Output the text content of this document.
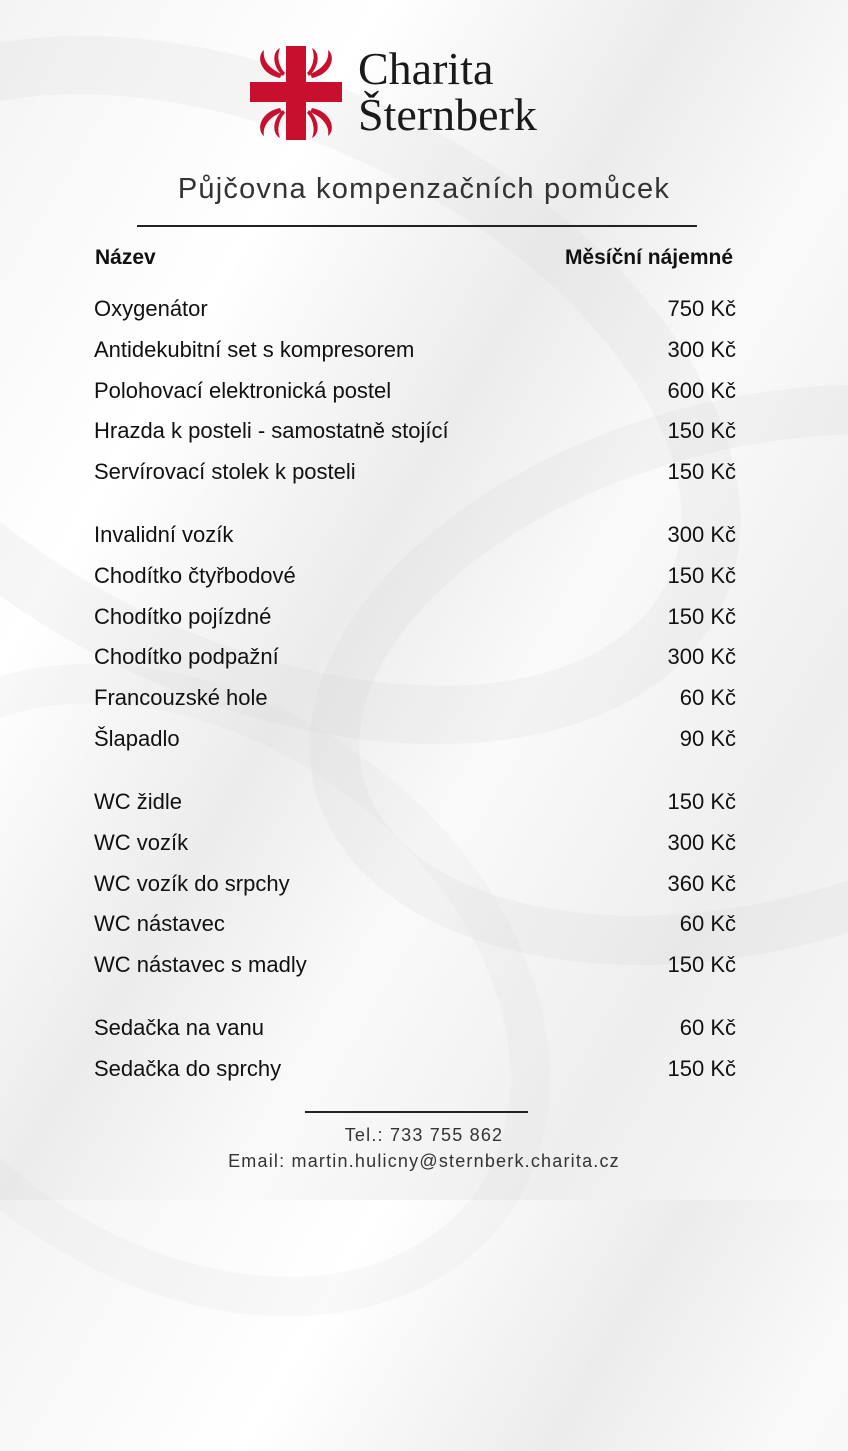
Charita
Šternberk
Půjčovna kompenzačních pomůcek
Název	Měsíční nájemné
Oxygenátor	750 Kč
Antidekubitní set s kompresorem	300 Kč
Polohovací elektronická postel	600 Kč
Hrazda k posteli - samostatně stojící	150 Kč
Servírovací stolek k posteli	150 Kč
Invalidní vozík	300 Kč
Chodítko čtyřbodové	150 Kč
Chodítko pojízdné	150 Kč
Chodítko podpažní	300 Kč
Francouzské hole	60 Kč
Šlapadlo	90 Kč
WC židle	150 Kč
WC vozík	300 Kč
WC vozík do srpchy	360 Kč
WC nástavec	60 Kč
WC nástavec s madly	150 Kč
Sedačka na vanu	60 Kč
Sedačka do sprchy	150 Kč
Tel.: 733 755 862
Email: martin.hulicny@sternberk.charita.cz
